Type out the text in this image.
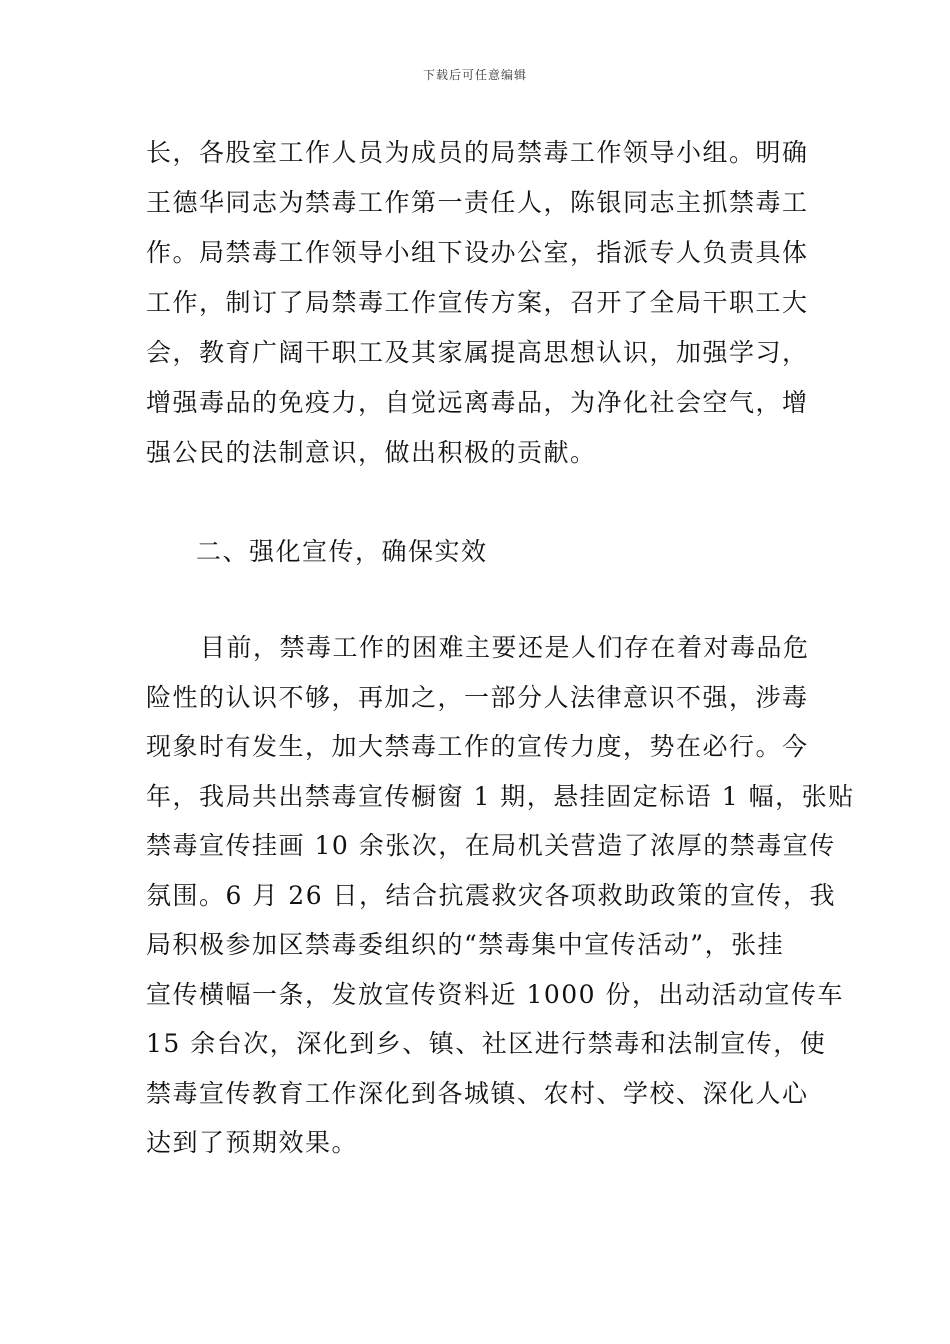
下载后可任意编辑
长，各股室工作人员为成员的局禁毒工作领导小组。明确
王德华同志为禁毒工作第一责任人，陈银同志主抓禁毒工
作。局禁毒工作领导小组下设办公室，指派专人负责具体
工作，制订了局禁毒工作宣传方案，召开了全局干职工大
会，教育广阔干职工及其家属提高思想认识，加强学习，
增强毒品的免疫力，自觉远离毒品，为净化社会空气，增
强公民的法制意识，做出积极的贡献。
二、强化宣传，确保实效
目前，禁毒工作的困难主要还是人们存在着对毒品危
险性的认识不够，再加之，一部分人法律意识不强，涉毒
现象时有发生，加大禁毒工作的宣传力度，势在必行。今
年，我局共出禁毒宣传橱窗 1 期，悬挂固定标语 1 幅，张贴
禁毒宣传挂画 10 余张次，在局机关营造了浓厚的禁毒宣传
氛围。6 月 26 日，结合抗震救灾各项救助政策的宣传，我
局积极参加区禁毒委组织的“禁毒集中宣传活动”，张挂
宣传横幅一条，发放宣传资料近 1000 份，出动活动宣传车
15 余台次，深化到乡、镇、社区进行禁毒和法制宣传，使
禁毒宣传教育工作深化到各城镇、农村、学校、深化人心
达到了预期效果。
